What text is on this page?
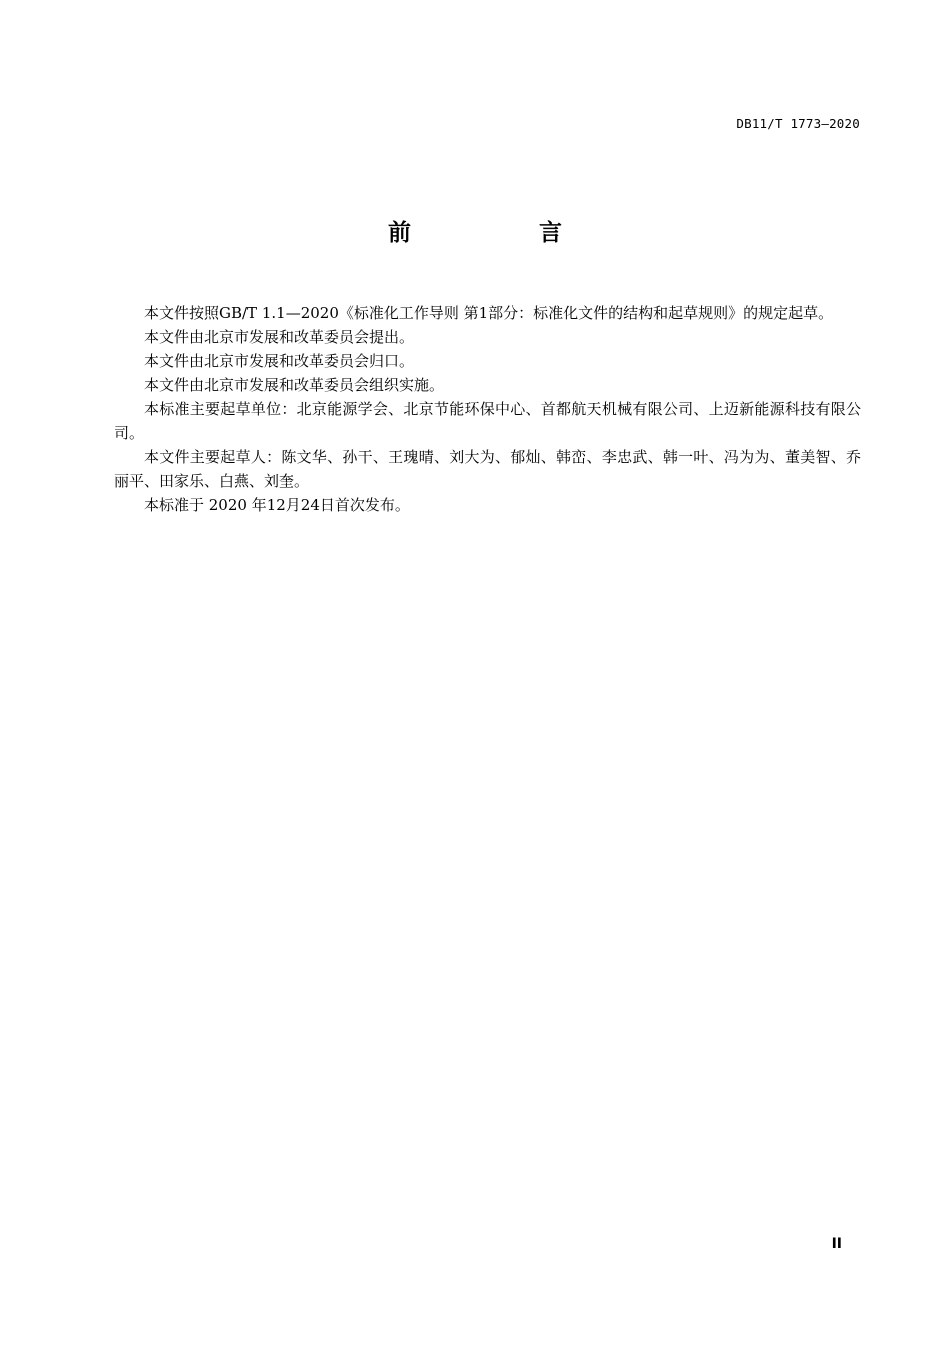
DB11/T 1773—2020
前 言

本文件按照GB/T 1.1—2020《标准化工作导则 第1部分：标准化文件的结构和起草规则》的规定起草。

本文件由北京市发展和改革委员会提出。

本文件由北京市发展和改革委员会归口。

本文件由北京市发展和改革委员会组织实施。

本标准主要起草单位：北京能源学会、北京节能环保中心、首都航天机械有限公司、上迈新能源科技有限公司。

本文件主要起草人：陈文华、孙干、王瑰晴、刘大为、郁灿、韩峦、李忠武、韩一叶、冯为为、董美智、乔丽平、田家乐、白燕、刘奎。

本标准于 2020 年12月24日首次发布。

II
